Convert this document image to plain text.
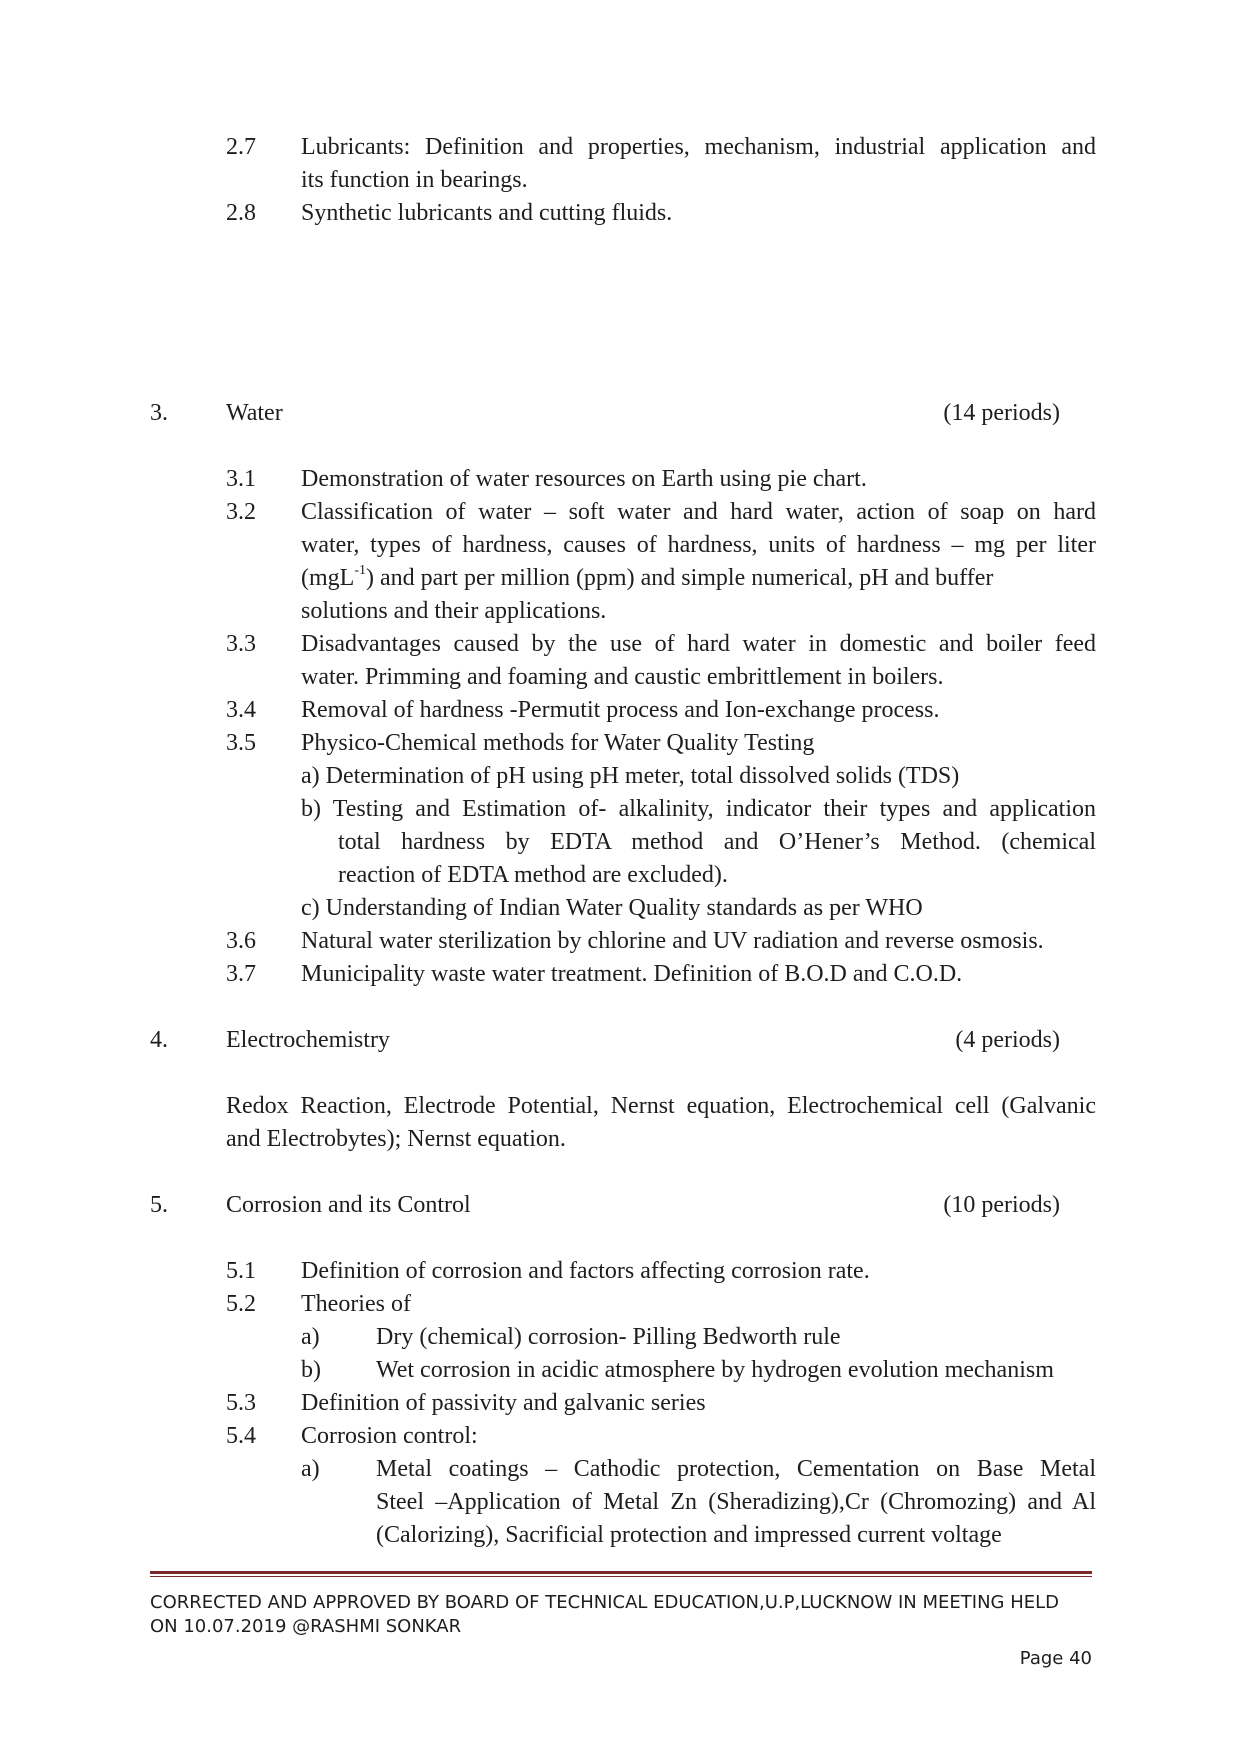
2.7 Lubricants: Definition and properties, mechanism, industrial application and
its function in bearings.
2.8 Synthetic lubricants and cutting fluids.
3. Water	(14 periods)
3.1 Demonstration of water resources on Earth using pie chart.
3.2 Classification of water – soft water and hard water, action of soap on hard
water, types of hardness, causes of hardness, units of hardness – mg per liter
(mgL$^{-1}$) and part per million (ppm) and simple numerical, pH and buffer
solutions and their applications.
3.3 Disadvantages caused by the use of hard water in domestic and boiler feed
water. Primming and foaming and caustic embrittlement in boilers.
3.4 Removal of hardness -Permutit process and Ion-exchange process.
3.5 Physico-Chemical methods for Water Quality Testing
a) Determination of pH using pH meter, total dissolved solids (TDS)
b) Testing and Estimation of- alkalinity, indicator their types and application
total hardness by EDTA method and O’Hener’s Method. (chemical
reaction of EDTA method are excluded).
c) Understanding of Indian Water Quality standards as per WHO
3.6 Natural water sterilization by chlorine and UV radiation and reverse osmosis.
3.7 Municipality waste water treatment. Definition of B.O.D and C.O.D.
4. Electrochemistry	(4 periods)
Redox Reaction, Electrode Potential, Nernst equation, Electrochemical cell (Galvanic
and Electrobytes); Nernst equation.
5. Corrosion and its Control	(10 periods)
5.1 Definition of corrosion and factors affecting corrosion rate.
5.2 Theories of
a) Dry (chemical) corrosion- Pilling Bedworth rule
b) Wet corrosion in acidic atmosphere by hydrogen evolution mechanism
5.3 Definition of passivity and galvanic series
5.4 Corrosion control:
a) Metal coatings – Cathodic protection, Cementation on Base Metal
Steel –Application of Metal Zn (Sheradizing),Cr (Chromozing) and Al
(Calorizing), Sacrificial protection and impressed current voltage
CORRECTED AND APPROVED BY BOARD OF TECHNICAL EDUCATION,U.P,LUCKNOW IN MEETING HELD
ON 10.07.2019 @RASHMI SONKAR
Page 40
